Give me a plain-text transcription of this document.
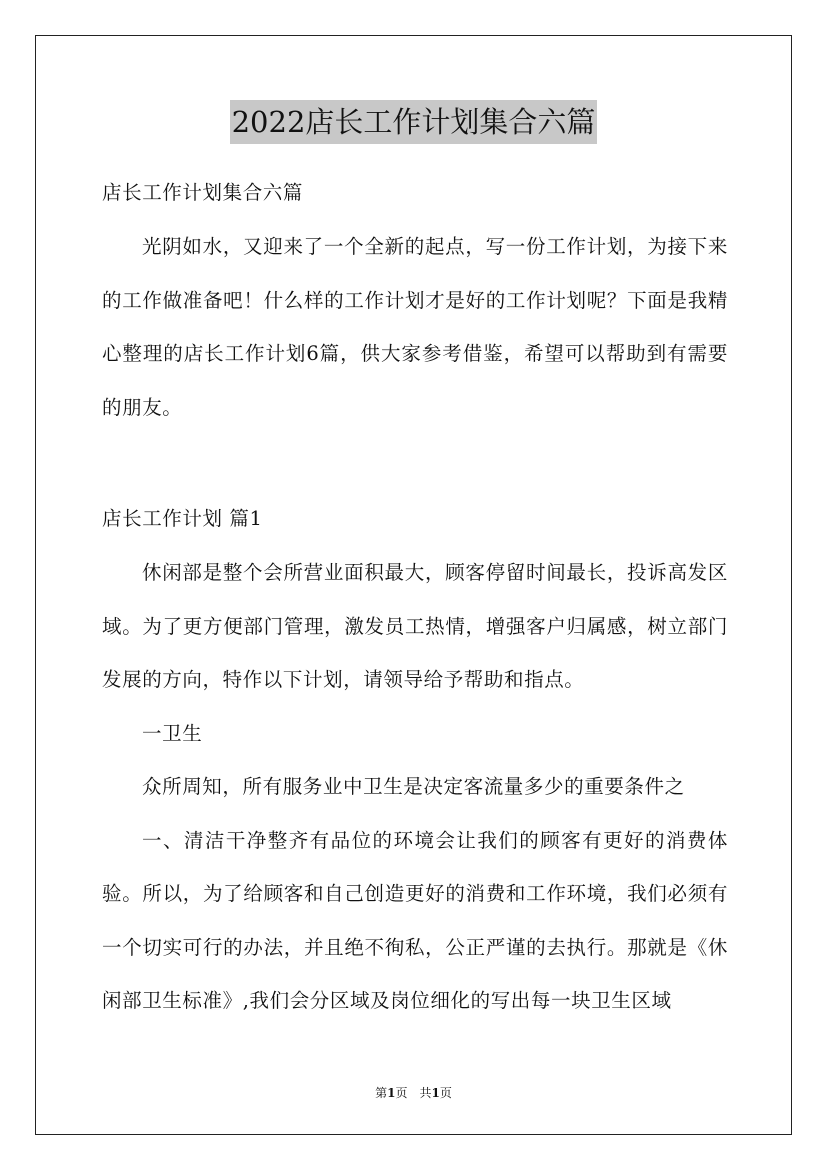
2022店长工作计划集合六篇

店长工作计划集合六篇

光阴如水，又迎来了一个全新的起点，写一份工作计划，为接下来的工作做准备吧！什么样的工作计划才是好的工作计划呢？下面是我精心整理的店长工作计划6篇，供大家参考借鉴，希望可以帮助到有需要的朋友。

店长工作计划 篇1

休闲部是整个会所营业面积最大，顾客停留时间最长，投诉高发区域。为了更方便部门管理，激发员工热情，增强客户归属感，树立部门发展的方向，特作以下计划，请领导给予帮助和指点。

一卫生

众所周知，所有服务业中卫生是决定客流量多少的重要条件之

一、清洁干净整齐有品位的环境会让我们的顾客有更好的消费体验。所以，为了给顾客和自己创造更好的消费和工作环境，我们必须有一个切实可行的办法，并且绝不徇私，公正严谨的去执行。那就是《休闲部卫生标准》,我们会分区域及岗位细化的写出每一块卫生区域

第1页　共1页
